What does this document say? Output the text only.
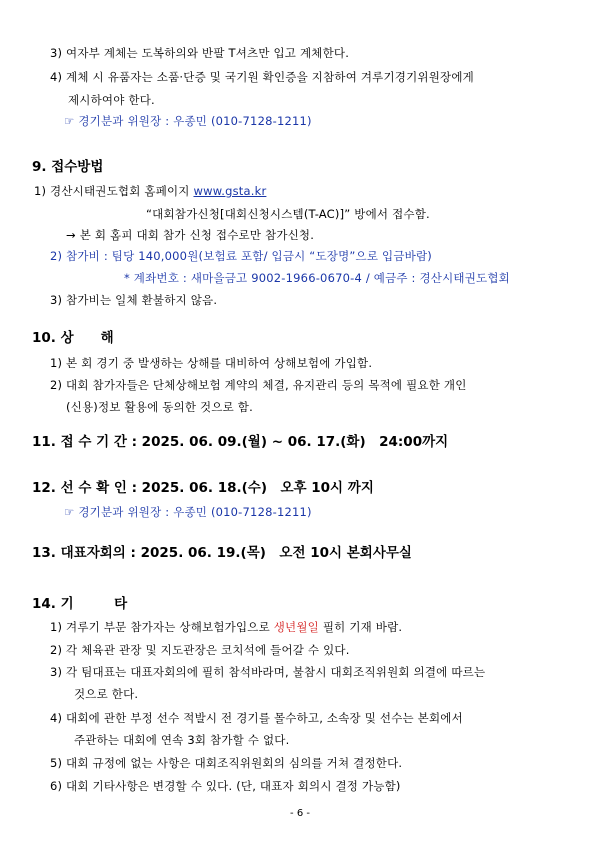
3) 여자부 계체는 도복하의와 반팔 T셔츠만 입고 계체한다.
4) 계체 시 유품자는 소품·단증 및 국기원 확인증을 지참하여 겨루기경기위원장에게
제시하여야 한다.
☞ 경기분과 위원장 : 우종민 (010-7128-1211)
9. 접수방법
1) 경산시태권도협회 홈페이지 www.gsta.kr
“대회참가신청[대회신청시스템(T-AC)]” 방에서 접수함.
→ 본 회 홈피 대회 참가 신청 접수로만 참가신청.
2) 참가비 : 팀당 140,000원(보험료 포함/ 입금시 “도장명”으로 입금바람)
* 계좌번호 : 새마을금고 9002-1966-0670-4 / 예금주 : 경산시태권도협회
3) 참가비는 일체 환불하지 않음.
10. 상　　해
1) 본 회 경기 중 발생하는 상해를 대비하여 상해보험에 가입함.
2) 대회 참가자들은 단체상해보험 계약의 체결, 유지관리 등의 목적에 필요한 개인
(신용)정보 활용에 동의한 것으로 함.
11. 접 수 기 간 : 2025. 06. 09.(월) ~ 06. 17.(화)　24:00까지
12. 선 수 확 인 : 2025. 06. 18.(수)　오후 10시 까지
☞ 경기분과 위원장 : 우종민 (010-7128-1211)
13. 대표자회의 : 2025. 06. 19.(목)　오전 10시 본회사무실
14. 기　　　타
1) 겨루기 부문 참가자는 상해보험가입으로 생년월일 필히 기재 바람.
2) 각 체육관 관장 및 지도관장은 코치석에 들어갈 수 있다.
3) 각 팀대표는 대표자회의에 필히 참석바라며, 불참시 대회조직위원회 의결에 따르는
것으로 한다.
4) 대회에 관한 부정 선수 적발시 전 경기를 몰수하고, 소속장 및 선수는 본회에서
주관하는 대회에 연속 3회 참가할 수 없다.
5) 대회 규정에 없는 사항은 대회조직위원회의 심의를 거쳐 결정한다.
6) 대회 기타사항은 변경할 수 있다. (단, 대표자 회의시 결정 가능함)
- 6 -
